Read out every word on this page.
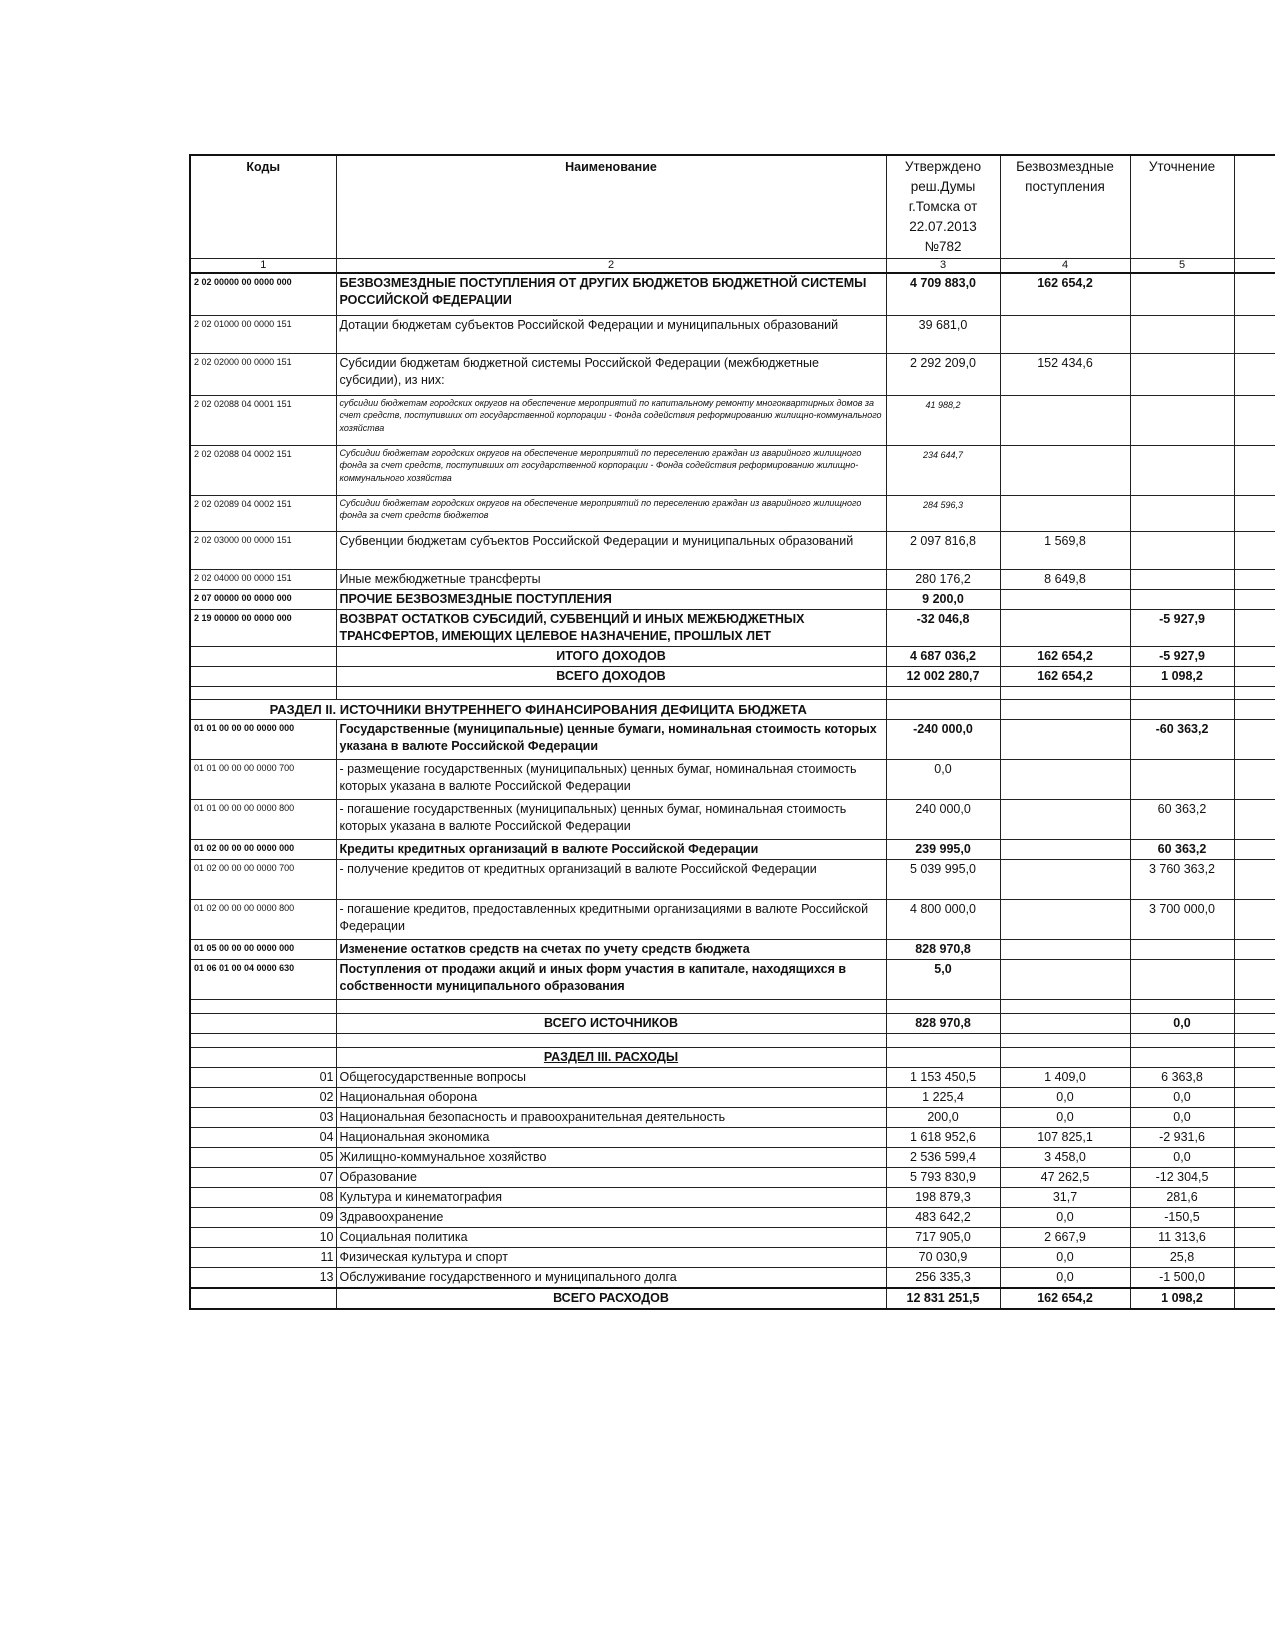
Коды	Наименование	Утверждено реш.Думы г.Томска от 22.07.2013 №782	Безвозмездные поступления	Уточнение	
1	2	3	4	5	
2 02 00000 00 0000 000	БЕЗВОЗМЕЗДНЫЕ ПОСТУПЛЕНИЯ ОТ ДРУГИХ БЮДЖЕТОВ БЮДЖЕТНОЙ СИСТЕМЫ РОССИЙСКОЙ ФЕДЕРАЦИИ	4 709 883,0	162 654,2		
2 02 01000 00 0000 151	Дотации бюджетам субъектов Российской Федерации и муниципальных образований	39 681,0			
2 02 02000 00 0000 151	Субсидии бюджетам бюджетной системы Российской Федерации (межбюджетные субсидии), из них:	2 292 209,0	152 434,6		
2 02 02088 04 0001 151	субсидии бюджетам городских округов на обеспечение мероприятий по капитальному ремонту многоквартирных домов за счет средств, поступивших от государственной корпорации - Фонда содействия реформированию жилищно-коммунального хозяйства	41 988,2			
2 02 02088 04 0002 151	Субсидии бюджетам городских округов на обеспечение мероприятий по переселению граждан из аварийного жилищного фонда за счет средств, поступивших от государственной корпорации - Фонда содействия реформированию жилищно-коммунального хозяйства	234 644,7			
2 02 02089 04 0002 151	Субсидии бюджетам городских округов на обеспечение мероприятий по переселению граждан из аварийного жилищного фонда за счет средств бюджетов	284 596,3			
2 02 03000 00 0000 151	Субвенции бюджетам субъектов Российской Федерации и муниципальных образований	2 097 816,8	1 569,8		
2 02 04000 00 0000 151	Иные межбюджетные трансферты	280 176,2	8 649,8		
2 07 00000 00 0000 000	ПРОЧИЕ БЕЗВОЗМЕЗДНЫЕ ПОСТУПЛЕНИЯ	9 200,0			
2 19 00000 00 0000 000	ВОЗВРАТ ОСТАТКОВ СУБСИДИЙ, СУБВЕНЦИЙ И ИНЫХ МЕЖБЮДЖЕТНЫХ ТРАНСФЕРТОВ, ИМЕЮЩИХ ЦЕЛЕВОЕ НАЗНАЧЕНИЕ, ПРОШЛЫХ ЛЕТ	-32 046,8		-5 927,9	
	ИТОГО ДОХОДОВ	4 687 036,2	162 654,2	-5 927,9	
	ВСЕГО ДОХОДОВ	12 002 280,7	162 654,2	1 098,2	

РАЗДЕЛ II. ИСТОЧНИКИ ВНУТРЕННЕГО ФИНАНСИРОВАНИЯ ДЕФИЦИТА БЮДЖЕТА					
01 01 00 00 00 0000 000	Государственные (муниципальные) ценные бумаги, номинальная стоимость которых указана в валюте Российской Федерации	-240 000,0		-60 363,2	
01 01 00 00 00 0000 700	- размещение государственных (муниципальных) ценных бумаг, номинальная стоимость которых указана в валюте Российской Федерации	0,0			
01 01 00 00 00 0000 800	- погашение государственных (муниципальных) ценных бумаг, номинальная стоимость которых указана в валюте Российской Федерации	240 000,0		60 363,2	
01 02 00 00 00 0000 000	Кредиты кредитных организаций в валюте Российской Федерации	239 995,0		60 363,2	
01 02 00 00 00 0000 700	- получение кредитов от кредитных организаций в валюте Российской Федерации	5 039 995,0		3 760 363,2	
01 02 00 00 00 0000 800	- погашение кредитов, предоставленных кредитными организациями в валюте Российской Федерации	4 800 000,0		3 700 000,0	
01 05 00 00 00 0000 000	Изменение остатков средств на счетах по учету средств бюджета	828 970,8			
01 06 01 00 04 0000 630	Поступления от продажи акций и иных форм участия в капитале, находящихся в собственности муниципального образования	5,0			

	ВСЕГО ИСТОЧНИКОВ	828 970,8		0,0	

	РАЗДЕЛ III. РАСХОДЫ				
01	Общегосударственные вопросы	1 153 450,5	1 409,0	6 363,8	
02	Национальная оборона	1 225,4	0,0	0,0	
03	Национальная безопасность и правоохранительная деятельность	200,0	0,0	0,0	
04	Национальная экономика	1 618 952,6	107 825,1	-2 931,6	
05	Жилищно-коммунальное хозяйство	2 536 599,4	3 458,0	0,0	
07	Образование	5 793 830,9	47 262,5	-12 304,5	
08	Культура и кинематография	198 879,3	31,7	281,6	
09	Здравоохранение	483 642,2	0,0	-150,5	
10	Социальная политика	717 905,0	2 667,9	11 313,6	
11	Физическая культура и спорт	70 030,9	0,0	25,8	
13	Обслуживание государственного и муниципального долга	256 335,3	0,0	-1 500,0	
	ВСЕГО РАСХОДОВ	12 831 251,5	162 654,2	1 098,2	
